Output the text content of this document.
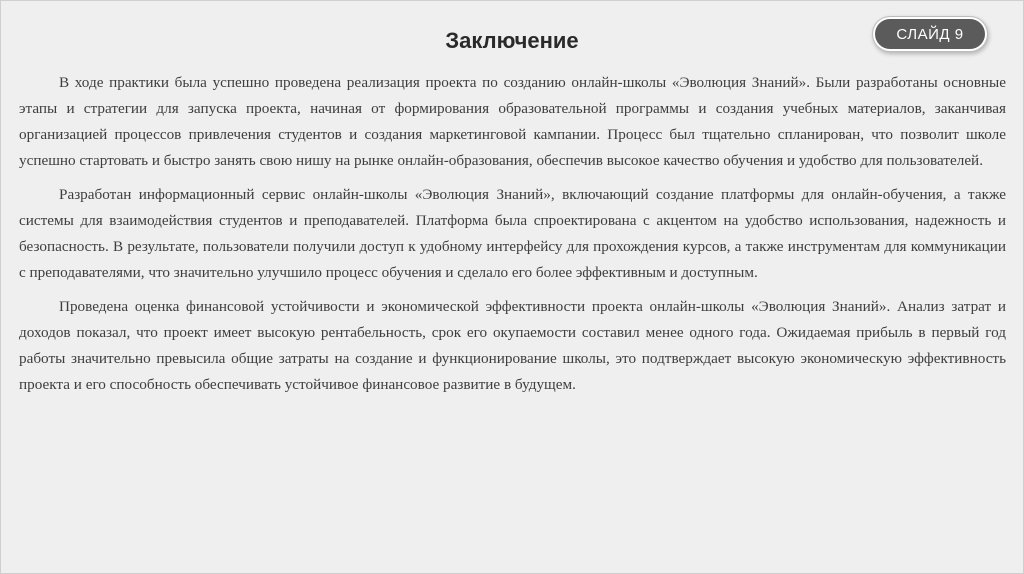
СЛАЙД 9
Заключение

В ходе практики была успешно проведена реализация проекта по созданию онлайн-школы «Эволюция Знаний». Были разработаны основные этапы и стратегии для запуска проекта, начиная от формирования образовательной программы и создания учебных материалов, заканчивая организацией процессов привлечения студентов и создания маркетинговой кампании. Процесс был тщательно спланирован, что позволит школе успешно стартовать и быстро занять свою нишу на рынке онлайн-образования, обеспечив высокое качество обучения и удобство для пользователей.

Разработан информационный сервис онлайн-школы «Эволюция Знаний», включающий создание платформы для онлайн-обучения, а также системы для взаимодействия студентов и преподавателей. Платформа была спроектирована с акцентом на удобство использования, надежность и безопасность. В результате, пользователи получили доступ к удобному интерфейсу для прохождения курсов, а также инструментам для коммуникации с преподавателями, что значительно улучшило процесс обучения и сделало его более эффективным и доступным.

Проведена оценка финансовой устойчивости и экономической эффективности проекта онлайн-школы «Эволюция Знаний». Анализ затрат и доходов показал, что проект имеет высокую рентабельность, срок его окупаемости составил менее одного года. Ожидаемая прибыль в первый год работы значительно превысила общие затраты на создание и функционирование школы, это подтверждает высокую экономическую эффективность проекта и его способность обеспечивать устойчивое финансовое развитие в будущем.
